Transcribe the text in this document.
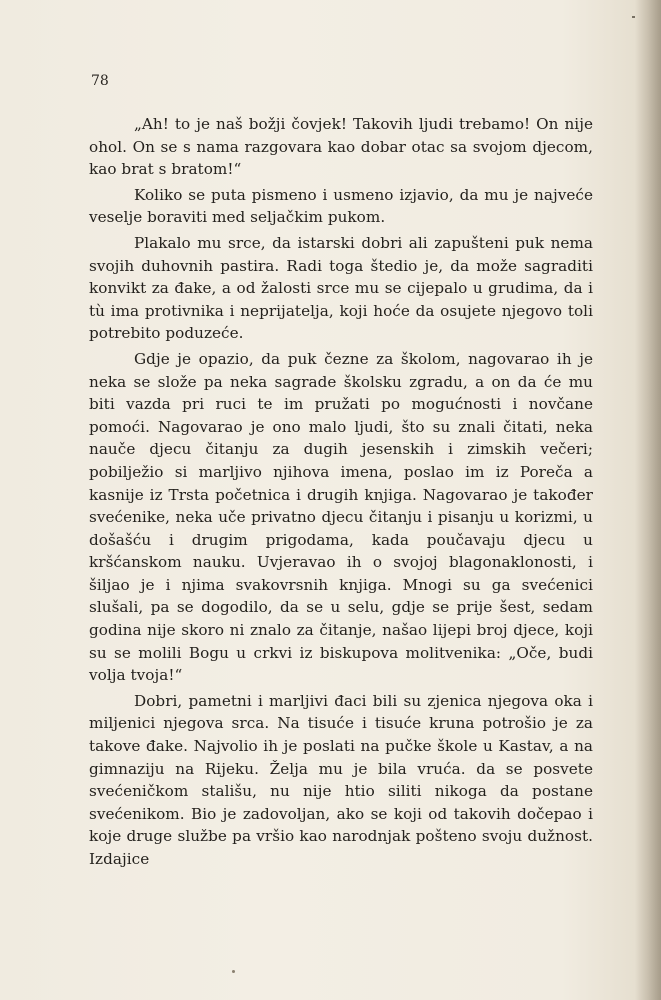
78

„Ah! to je naš božji čovjek! Takovih ljudi trebamo! On nije ohol. On se s nama razgovara kao dobar otac sa svojom djecom, kao brat s bratom!“

Koliko se puta pismeno i usmeno izjavio, da mu je najveće veselje boraviti med seljačkim pukom.

Plakalo mu srce, da istarski dobri ali zapušteni puk nema svojih duhovnih pastira. Radi toga štedio je, da može sagraditi konvikt za đake, a od žalosti srce mu se cijepalo u grudima, da i tù ima protivnika i neprijatelja, koji hoće da osujete njegovo toli potrebito poduzeće.

Gdje je opazio, da puk čezne za školom, nagovarao ih je neka se slože pa neka sagrade školsku zgradu, a on da će mu biti vazda pri ruci te im pružati po mogućnosti i novčane pomoći. Nagovarao je ono malo ljudi, što su znali čitati, neka nauče djecu čitanju za dugih jesenskih i zimskih večeri; pobilježio si marljivo njihova imena, poslao im iz Poreča a kasnije iz Trsta početnica i drugih knjiga. Nagovarao je također svećenike, neka uče privatno djecu čitanju i pisanju u korizmi, u došašću i drugim prigodama, kada poučavaju djecu u kršćanskom nauku. Uvjeravao ih o svojoj blagonaklonosti, i šiljao je i njima svakovrsnih knjiga. Mnogi su ga svećenici slušali, pa se dogodilo, da se u selu, gdje se prije šest, sedam godina nije skoro ni znalo za čitanje, našao lijepi broj djece, koji su se molili Bogu u crkvi iz biskupova molitvenika: „Oče, budi volja tvoja!“

Dobri, pametni i marljivi đaci bili su zjenica njegova oka i miljenici njegova srca. Na tisuće i tisuće kruna potrošio je za takove đake. Najvolio ih je poslati na pučke škole u Kastav, a na gimnaziju na Rijeku. Želja mu je bila vruća. da se posvete svećeničkom stališu, nu nije htio siliti nikoga da postane svećenikom. Bio je zadovoljan, ako se koji od takovih dočepao i koje druge službe pa vršio kao narodnjak pošteno svoju dužnost. Izdajice
